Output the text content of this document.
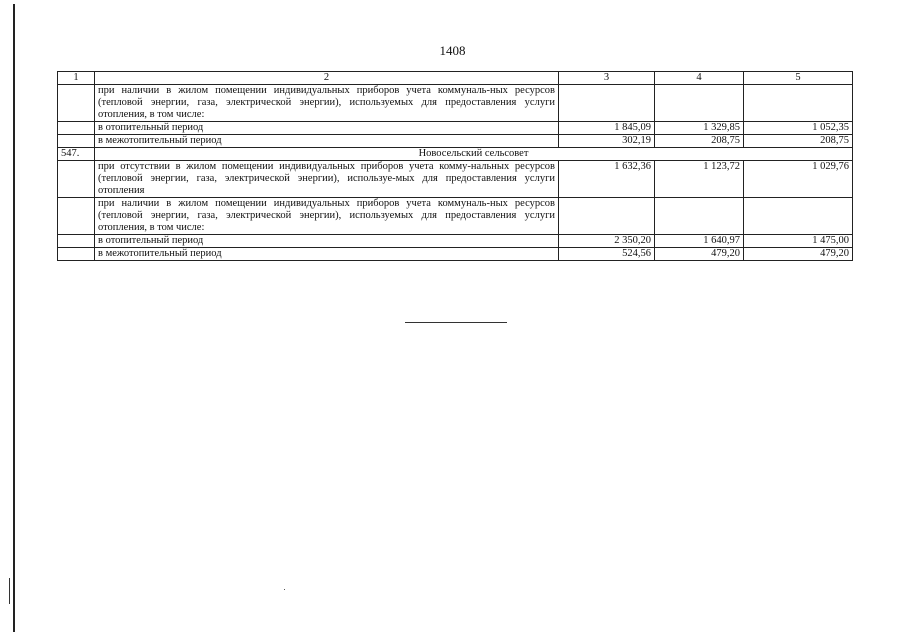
1408
1	2	3	4	5
	при наличии в жилом помещении индивидуальных приборов учета коммуналь-ных ресурсов (тепловой энергии, газа, электрической энергии), используемых для предоставления услуги отопления, в том числе:			
	в отопительный период	1 845,09	1 329,85	1 052,35
	в межотопительный период	302,19	208,75	208,75
547.	Новосельский сельсовет			
	при отсутствии в жилом помещении индивидуальных приборов учета комму-нальных ресурсов (тепловой энергии, газа, электрической энергии), используе-мых для предоставления услуги отопления	1 632,36	1 123,72	1 029,76
	при наличии в жилом помещении индивидуальных приборов учета коммуналь-ных ресурсов (тепловой энергии, газа, электрической энергии), используемых для предоставления услуги отопления, в том числе:			
	в отопительный период	2 350,20	1 640,97	1 475,00
	в межотопительный период	524,56	479,20	479,20
